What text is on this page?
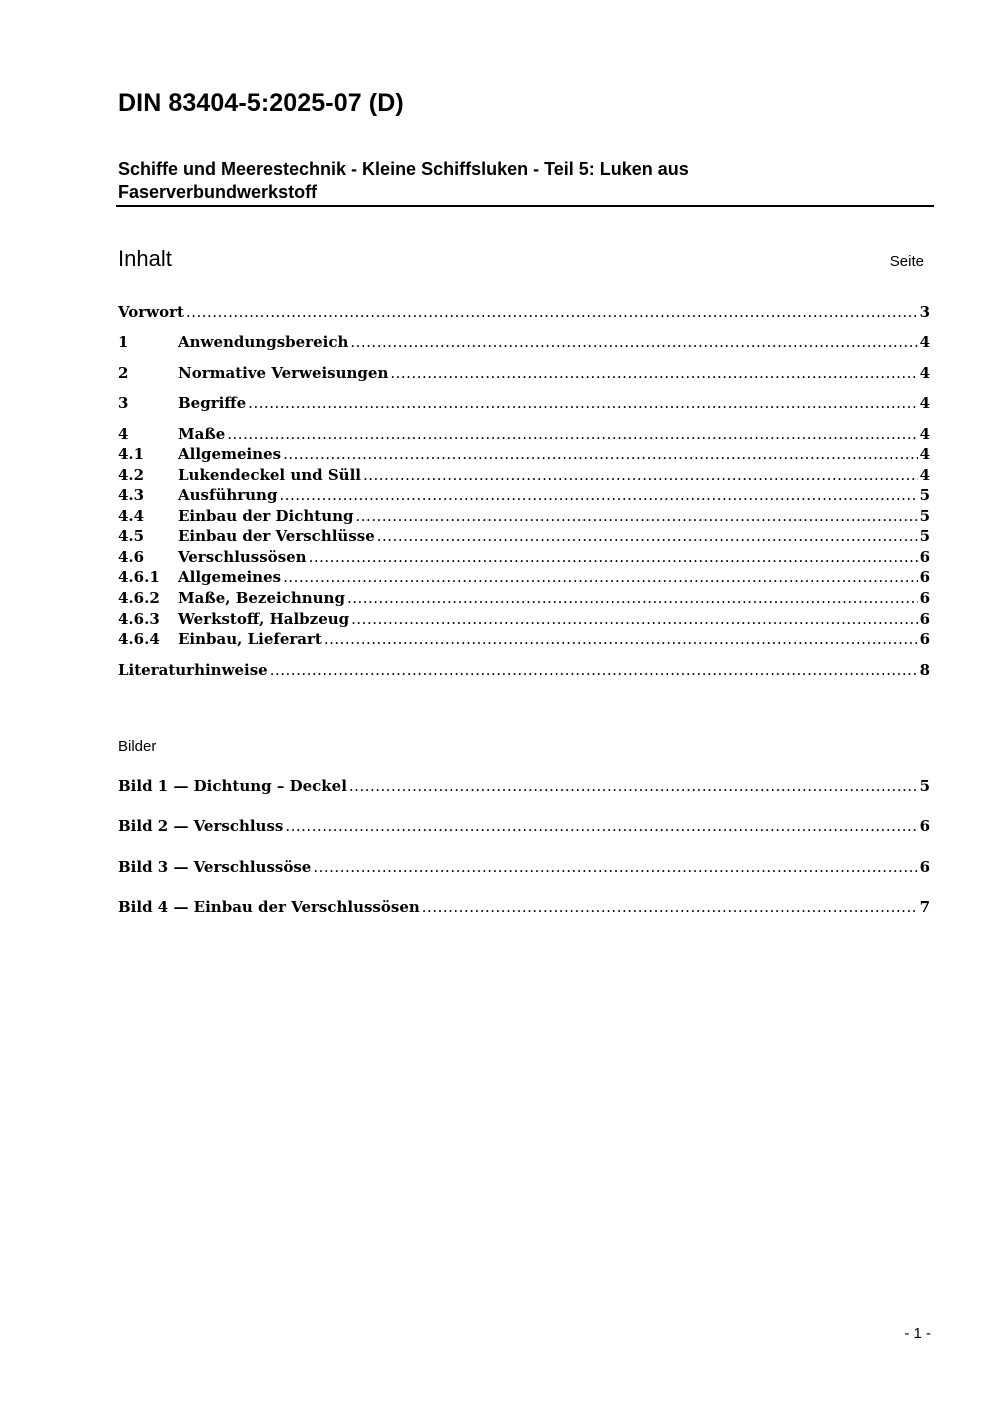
DIN 83404-5:2025-07 (D)
Schiffe und Meerestechnik - Kleine Schiffsluken - Teil 5: Luken aus Faserverbundwerkstoff
Inhalt	Seite
Vorwort .....	3
1	Anwendungsbereich .....	4
2	Normative Verweisungen .....	4
3	Begriffe .....	4
4	Maße .....	4
4.1	Allgemeines .....	4
4.2	Lukendeckel und Süll .....	4
4.3	Ausführung .....	5
4.4	Einbau der Dichtung .....	5
4.5	Einbau der Verschlüsse .....	5
4.6	Verschlussösen .....	6
4.6.1	Allgemeines .....	6
4.6.2	Maße, Bezeichnung .....	6
4.6.3	Werkstoff, Halbzeug .....	6
4.6.4	Einbau, Lieferart .....	6
Literaturhinweise .....	8
Bilder
Bild 1 — Dichtung – Deckel .....	5
Bild 2 — Verschluss .....	6
Bild 3 — Verschlussöse .....	6
Bild 4 — Einbau der Verschlussösen .....	7
- 1 -
